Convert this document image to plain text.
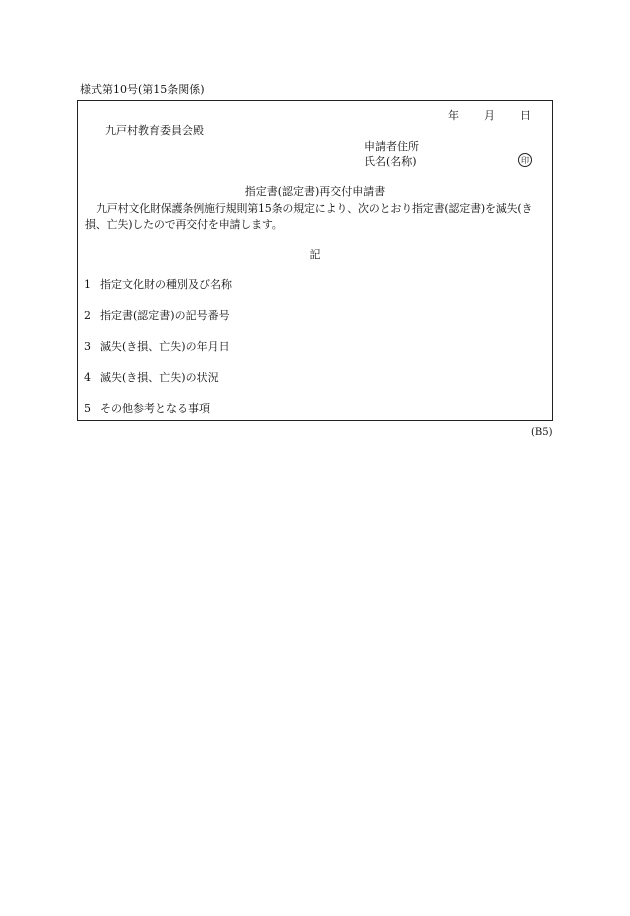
様式第10号(第15条関係)
年 月 日
九戸村教育委員会殿
申請者住所
氏名(名称)	印
指定書(認定書)再交付申請書
九戸村文化財保護条例施行規則第15条の規定により、次のとおり指定書(認定書)を滅失(き損、亡失)したので再交付を申請します。
記
1 指定文化財の種別及び名称
2 指定書(認定書)の記号番号
3 滅失(き損、亡失)の年月日
4 滅失(き損、亡失)の状況
5 その他参考となる事項
(B5)
